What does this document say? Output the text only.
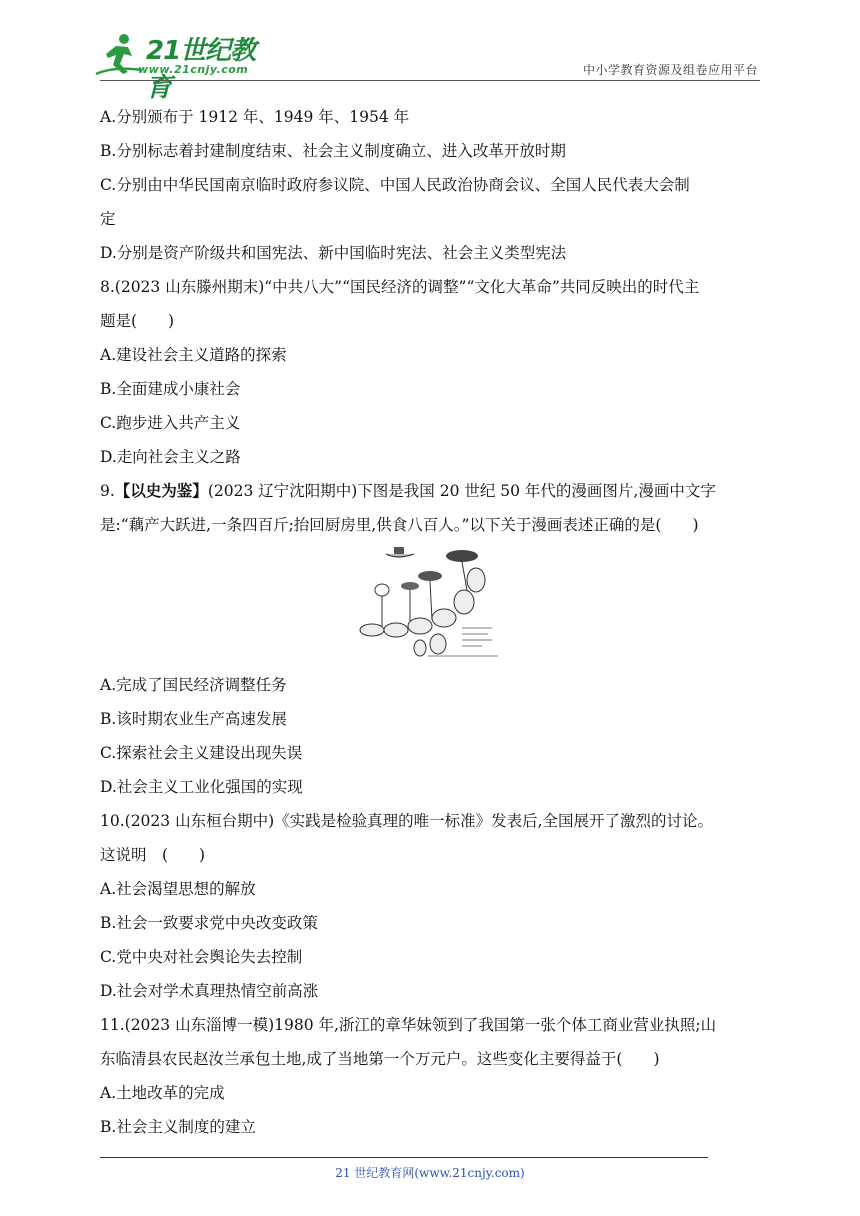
21世纪教育
www.21cnjy.com	中小学教育资源及组卷应用平台
A.分别颁布于 1912 年、1949 年、1954 年
B.分别标志着封建制度结束、社会主义制度确立、进入改革开放时期
C.分别由中华民国南京临时政府参议院、中国人民政治协商会议、全国人民代表大会制
定
D.分别是资产阶级共和国宪法、新中国临时宪法、社会主义类型宪法
8.(2023 山东滕州期末)“中共八大”“国民经济的调整”“文化大革命”共同反映出的时代主
题是(　　)
A.建设社会主义道路的探索
B.全面建成小康社会
C.跑步进入共产主义
D.走向社会主义之路
9.【以史为鉴】(2023 辽宁沈阳期中)下图是我国 20 世纪 50 年代的漫画图片,漫画中文字
是:“藕产大跃进,一条四百斤;抬回厨房里,供食八百人。”以下关于漫画表述正确的是(　　)
A.完成了国民经济调整任务
B.该时期农业生产高速发展
C.探索社会主义建设出现失误
D.社会主义工业化强国的实现
10.(2023 山东桓台期中)《实践是检验真理的唯一标准》发表后,全国展开了激烈的讨论。
这说明　(　　)
A.社会渴望思想的解放
B.社会一致要求党中央改变政策
C.党中央对社会舆论失去控制
D.社会对学术真理热情空前高涨
11.(2023 山东淄博一模)1980 年,浙江的章华妹领到了我国第一张个体工商业营业执照;山
东临清县农民赵汝兰承包土地,成了当地第一个万元户。这些变化主要得益于(　　)
A.土地改革的完成
B.社会主义制度的建立
21 世纪教育网(www.21cnjy.com)
